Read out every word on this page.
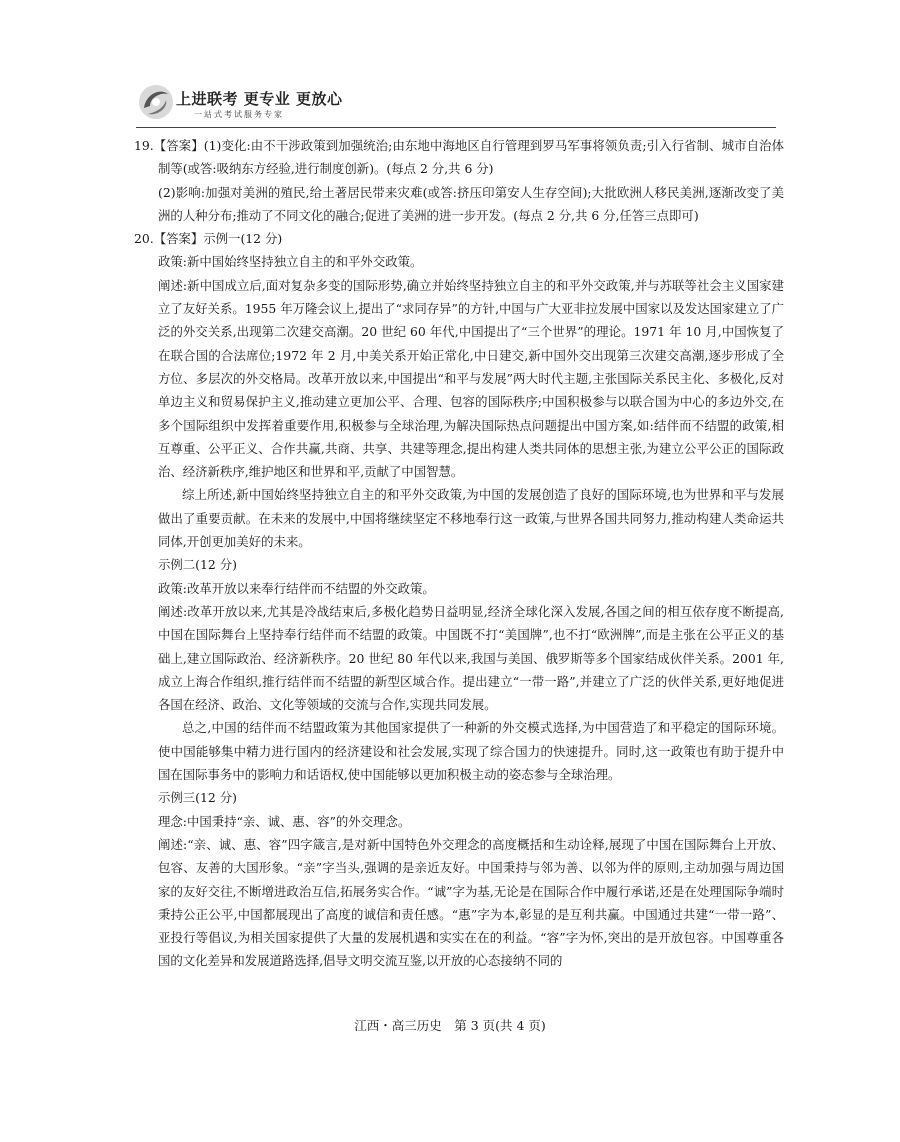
上进联考 更专业 更放心
一站式考试服务专家

19.【答案】(1)变化:由不干涉政策到加强统治;由东地中海地区自行管理到罗马军事将领负责;引入行省制、城市自治体制等(或答:吸纳东方经验,进行制度创新)。(每点 2 分,共 6 分)

(2)影响:加强对美洲的殖民,给土著居民带来灾难(或答:挤压印第安人生存空间);大批欧洲人移民美洲,逐渐改变了美洲的人种分布;推动了不同文化的融合;促进了美洲的进一步开发。(每点 2 分,共 6 分,任答三点即可)

20.【答案】示例一(12 分)

政策:新中国始终坚持独立自主的和平外交政策。

阐述:新中国成立后,面对复杂多变的国际形势,确立并始终坚持独立自主的和平外交政策,并与苏联等社会主义国家建立了友好关系。1955 年万隆会议上,提出了“求同存异”的方针,中国与广大亚非拉发展中国家以及发达国家建立了广泛的外交关系,出现第二次建交高潮。20 世纪 60 年代,中国提出了“三个世界”的理论。1971 年 10 月,中国恢复了在联合国的合法席位;1972 年 2 月,中美关系开始正常化,中日建交,新中国外交出现第三次建交高潮,逐步形成了全方位、多层次的外交格局。改革开放以来,中国提出“和平与发展”两大时代主题,主张国际关系民主化、多极化,反对单边主义和贸易保护主义,推动建立更加公平、合理、包容的国际秩序;中国积极参与以联合国为中心的多边外交,在多个国际组织中发挥着重要作用,积极参与全球治理,为解决国际热点问题提出中国方案,如:结伴而不结盟的政策,相互尊重、公平正义、合作共赢,共商、共享、共建等理念,提出构建人类共同体的思想主张,为建立公平公正的国际政治、经济新秩序,维护地区和世界和平,贡献了中国智慧。

综上所述,新中国始终坚持独立自主的和平外交政策,为中国的发展创造了良好的国际环境,也为世界和平与发展做出了重要贡献。在未来的发展中,中国将继续坚定不移地奉行这一政策,与世界各国共同努力,推动构建人类命运共同体,开创更加美好的未来。

示例二(12 分)

政策:改革开放以来奉行结伴而不结盟的外交政策。

阐述:改革开放以来,尤其是冷战结束后,多极化趋势日益明显,经济全球化深入发展,各国之间的相互依存度不断提高,中国在国际舞台上坚持奉行结伴而不结盟的政策。中国既不打“美国牌”,也不打“欧洲牌”,而是主张在公平正义的基础上,建立国际政治、经济新秩序。20 世纪 80 年代以来,我国与美国、俄罗斯等多个国家结成伙伴关系。2001 年,成立上海合作组织,推行结伴而不结盟的新型区域合作。提出建立“一带一路”,并建立了广泛的伙伴关系,更好地促进各国在经济、政治、文化等领域的交流与合作,实现共同发展。

总之,中国的结伴而不结盟政策为其他国家提供了一种新的外交模式选择,为中国营造了和平稳定的国际环境。使中国能够集中精力进行国内的经济建设和社会发展,实现了综合国力的快速提升。同时,这一政策也有助于提升中国在国际事务中的影响力和话语权,使中国能够以更加积极主动的姿态参与全球治理。

示例三(12 分)

理念:中国秉持“亲、诚、惠、容”的外交理念。

阐述:“亲、诚、惠、容”四字箴言,是对新中国特色外交理念的高度概括和生动诠释,展现了中国在国际舞台上开放、包容、友善的大国形象。“亲”字当头,强调的是亲近友好。中国秉持与邻为善、以邻为伴的原则,主动加强与周边国家的友好交往,不断增进政治互信,拓展务实合作。“诚”字为基,无论是在国际合作中履行承诺,还是在处理国际争端时秉持公正公平,中国都展现出了高度的诚信和责任感。“惠”字为本,彰显的是互利共赢。中国通过共建“一带一路”、亚投行等倡议,为相关国家提供了大量的发展机遇和实实在在的利益。“容”字为怀,突出的是开放包容。中国尊重各国的文化差异和发展道路选择,倡导文明交流互鉴,以开放的心态接纳不同的

江西・高三历史　第 3 页(共 4 页)
